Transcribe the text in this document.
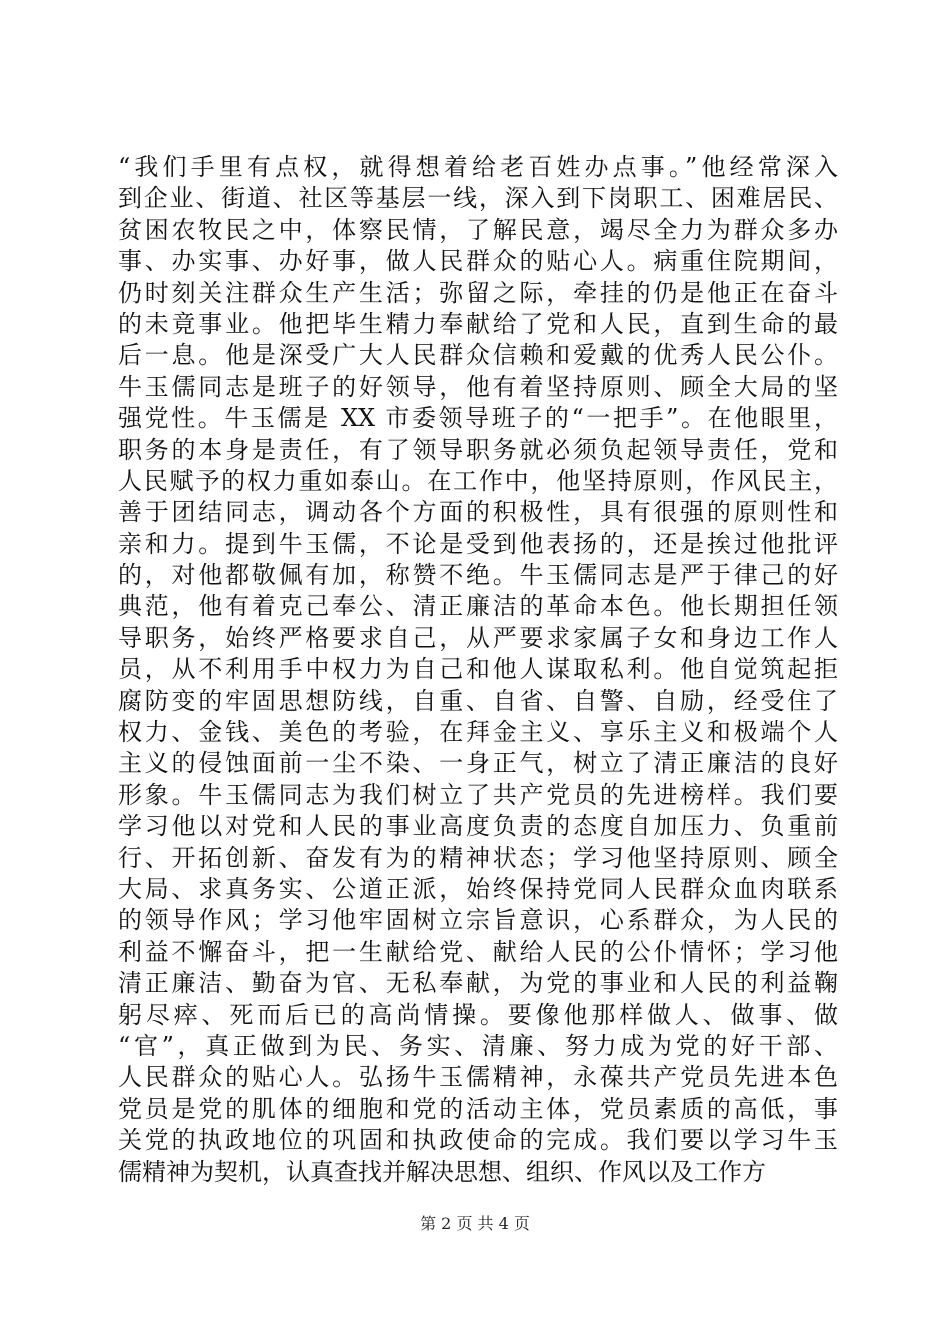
“我们手里有点权，就得想着给老百姓办点事。”他经常深入
到企业、街道、社区等基层一线，深入到下岗职工、困难居民、
贫困农牧民之中，体察民情，了解民意，竭尽全力为群众多办
事、办实事、办好事，做人民群众的贴心人。病重住院期间，
仍时刻关注群众生产生活；弥留之际，牵挂的仍是他正在奋斗
的未竟事业。他把毕生精力奉献给了党和人民，直到生命的最
后一息。他是深受广大人民群众信赖和爱戴的优秀人民公仆。
牛玉儒同志是班子的好领导，他有着坚持原则、顾全大局的坚
强党性。牛玉儒是 XX 市委领导班子的“一把手”。在他眼里，
职务的本身是责任，有了领导职务就必须负起领导责任，党和
人民赋予的权力重如泰山。在工作中，他坚持原则，作风民主，
善于团结同志，调动各个方面的积极性，具有很强的原则性和
亲和力。提到牛玉儒，不论是受到他表扬的，还是挨过他批评
的，对他都敬佩有加，称赞不绝。牛玉儒同志是严于律己的好
典范，他有着克己奉公、清正廉洁的革命本色。他长期担任领
导职务，始终严格要求自己，从严要求家属子女和身边工作人
员，从不利用手中权力为自己和他人谋取私利。他自觉筑起拒
腐防变的牢固思想防线，自重、自省、自警、自励，经受住了
权力、金钱、美色的考验，在拜金主义、享乐主义和极端个人
主义的侵蚀面前一尘不染、一身正气，树立了清正廉洁的良好
形象。牛玉儒同志为我们树立了共产党员的先进榜样。我们要
学习他以对党和人民的事业高度负责的态度自加压力、负重前
行、开拓创新、奋发有为的精神状态；学习他坚持原则、顾全
大局、求真务实、公道正派，始终保持党同人民群众血肉联系
的领导作风；学习他牢固树立宗旨意识，心系群众，为人民的
利益不懈奋斗，把一生献给党、献给人民的公仆情怀；学习他
清正廉洁、勤奋为官、无私奉献，为党的事业和人民的利益鞠
躬尽瘁、死而后已的高尚情操。要像他那样做人、做事、做
“官”，真正做到为民、务实、清廉、努力成为党的好干部、
人民群众的贴心人。弘扬牛玉儒精神，永葆共产党员先进本色
党员是党的肌体的细胞和党的活动主体，党员素质的高低，事
关党的执政地位的巩固和执政使命的完成。我们要以学习牛玉
儒精神为契机，认真查找并解决思想、组织、作风以及工作方
第 2 页 共 4 页
